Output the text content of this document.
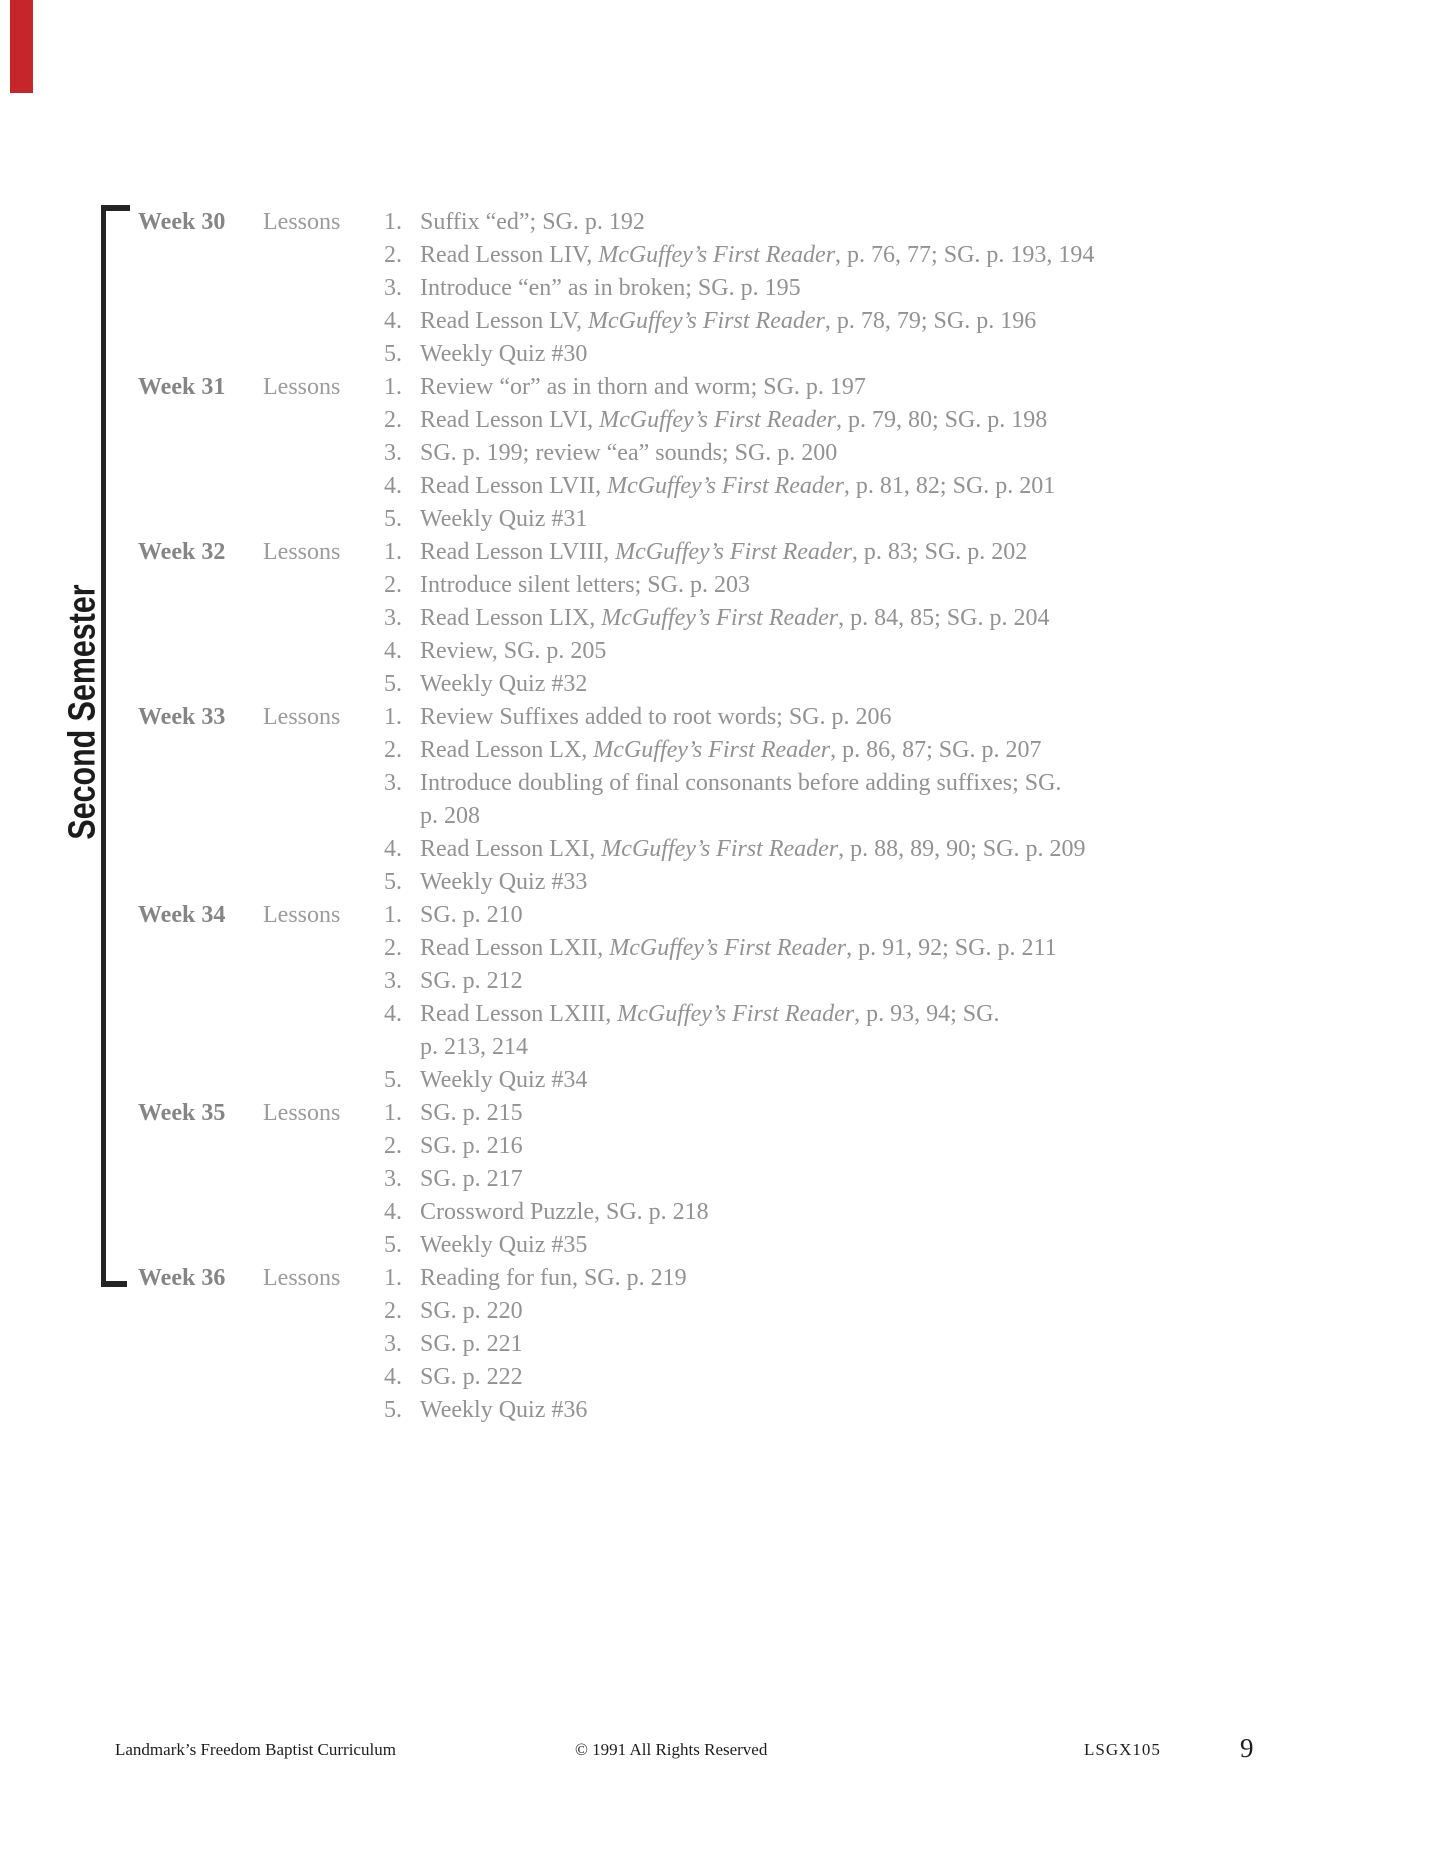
Second Semester
Week 30 Lessons	1. Suffix “ed”; SG. p. 192
2. Read Lesson LIV, McGuffey’s First Reader, p. 76, 77; SG. p. 193, 194
3. Introduce “en” as in broken; SG. p. 195
4. Read Lesson LV, McGuffey’s First Reader, p. 78, 79; SG. p. 196
5. Weekly Quiz #30
Week 31 Lessons	1. Review “or” as in thorn and worm; SG. p. 197
2. Read Lesson LVI, McGuffey’s First Reader, p. 79, 80; SG. p. 198
3. SG. p. 199; review “ea” sounds; SG. p. 200
4. Read Lesson LVII, McGuffey’s First Reader, p. 81, 82; SG. p. 201
5. Weekly Quiz #31
Week 32 Lessons	1. Read Lesson LVIII, McGuffey’s First Reader, p. 83; SG. p. 202
2. Introduce silent letters; SG. p. 203
3. Read Lesson LIX, McGuffey’s First Reader, p. 84, 85; SG. p. 204
4. Review, SG. p. 205
5. Weekly Quiz #32
Week 33 Lessons	1. Review Suffixes added to root words; SG. p. 206
2. Read Lesson LX, McGuffey’s First Reader, p. 86, 87; SG. p. 207
3. Introduce doubling of final consonants before adding suffixes; SG.
p. 208
4. Read Lesson LXI, McGuffey’s First Reader, p. 88, 89, 90; SG. p. 209
5. Weekly Quiz #33
Week 34 Lessons	1. SG. p. 210
2. Read Lesson LXII, McGuffey’s First Reader, p. 91, 92; SG. p. 211
3. SG. p. 212
4. Read Lesson LXIII, McGuffey’s First Reader, p. 93, 94; SG.
p. 213, 214
5. Weekly Quiz #34
Week 35 Lessons	1. SG. p. 215
2. SG. p. 216
3. SG. p. 217
4. Crossword Puzzle, SG. p. 218
5. Weekly Quiz #35
Week 36 Lessons	1. Reading for fun, SG. p. 219
2. SG. p. 220
3. SG. p. 221
4. SG. p. 222
5. Weekly Quiz #36
Landmark’s Freedom Baptist Curriculum	© 1991 All Rights Reserved	LSGX105	9
